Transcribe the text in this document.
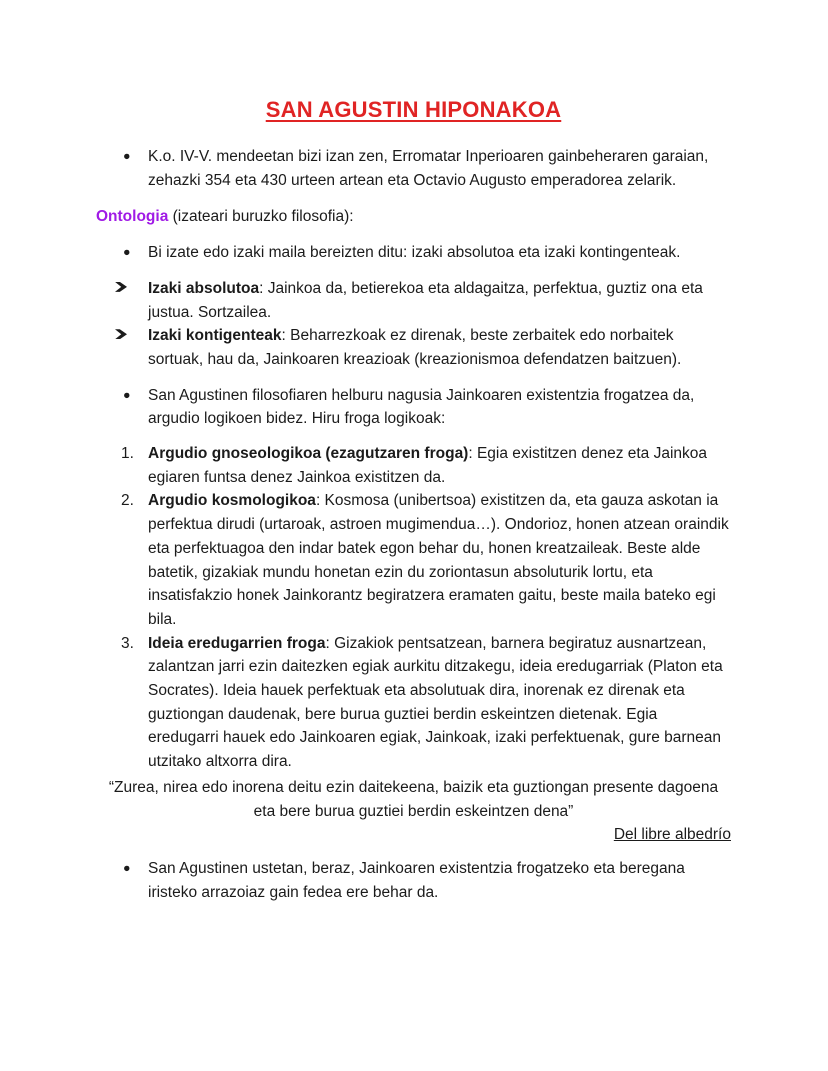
SAN AGUSTIN HIPONAKOA
●	K.o. IV-V. mendeetan bizi izan zen, Erromatar Inperioaren gainbeheraren garaian, zehazki 354 eta 430 urteen artean eta Octavio Augusto emperadorea zelarik.

Ontologia (izateari buruzko filosofia):

●	Bi izate edo izaki maila bereizten ditu: izaki absolutoa eta izaki kontingenteak.
Izaki absolutoa: Jainkoa da, betierekoa eta aldagaitza, perfektua, guztiz ona eta justua. Sortzailea.
Izaki kontigenteak: Beharrezkoak ez direnak, beste zerbaitek edo norbaitek sortuak, hau da, Jainkoaren kreazioak (kreazionismoa defendatzen baitzuen).
●	San Agustinen filosofiaren helburu nagusia Jainkoaren existentzia frogatzea da, argudio logikoen bidez. Hiru froga logikoak:
1. Argudio gnoseologikoa (ezagutzaren froga): Egia existitzen denez eta Jainkoa egiaren funtsa denez Jainkoa existitzen da.
2. Argudio kosmologikoa: Kosmosa (unibertsoa) existitzen da, eta gauza askotan ia perfektua dirudi (urtaroak, astroen mugimendua…). Ondorioz, honen atzean oraindik eta perfektuagoa den indar batek egon behar du, honen kreatzaileak. Beste alde batetik, gizakiak mundu honetan ezin du zoriontasun absoluturik lortu, eta insatisfakzio honek Jainkorantz begiratzera eramaten gaitu, beste maila bateko egi bila.
3. Ideia eredugarrien froga: Gizakiok pentsatzean, barnera begiratuz ausnartzean, zalantzan jarri ezin daitezken egiak aurkitu ditzakegu, ideia eredugarriak (Platon eta Socrates). Ideia hauek perfektuak eta absolutuak dira, inorenak ez direnak eta guztiongan daudenak, bere burua guztiei berdin eskeintzen dietenak. Egia eredugarri hauek edo Jainkoaren egiak, Jainkoak, izaki perfektuenak, gure barnean utzitako altxorra dira.

“Zurea, nirea edo inorena deitu ezin daitekeena, baizik eta guztiongan presente dagoena eta bere burua guztiei berdin eskeintzen dena”

Del libre albedrío

●	San Agustinen ustetan, beraz, Jainkoaren existentzia frogatzeko eta beregana iristeko arrazoiaz gain fedea ere behar da.
